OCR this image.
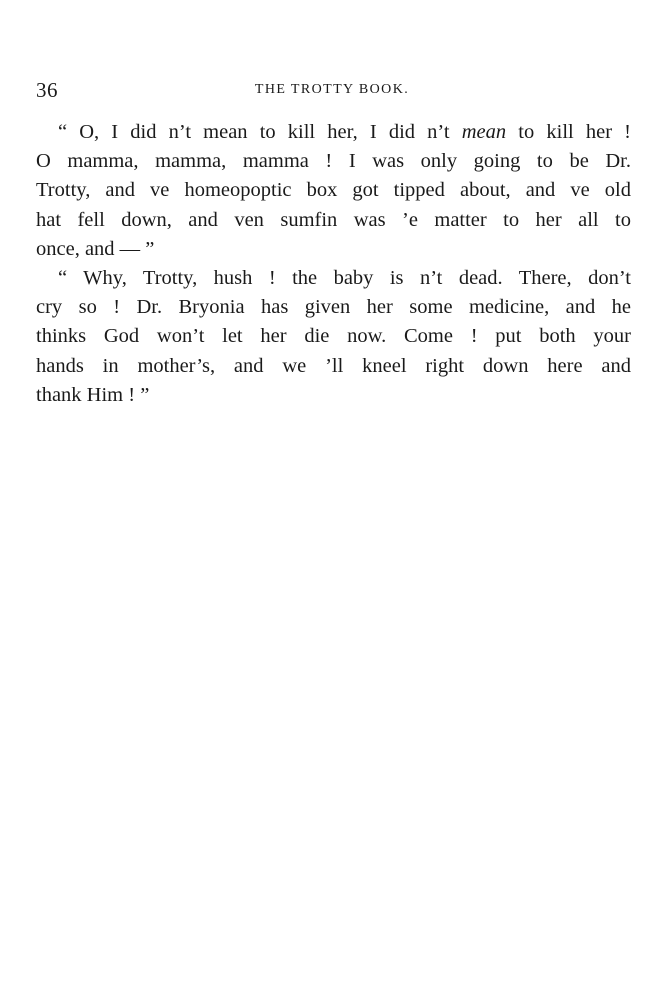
36	THE TROTTY BOOK.
“ O, I did n’t mean to kill her, I did n’t mean to kill her !
O mamma, mamma, mamma ! I was only going to be Dr.
Trotty, and ve homeopoptic box got tipped about, and ve old
hat fell down, and ven sumfin was ’e matter to her all to
once, and — ”
“ Why, Trotty, hush ! the baby is n’t dead. There, don’t
cry so ! Dr. Bryonia has given her some medicine, and he
thinks God won’t let her die now. Come ! put both your
hands in mother’s, and we ’ll kneel right down here and
thank Him ! ”
